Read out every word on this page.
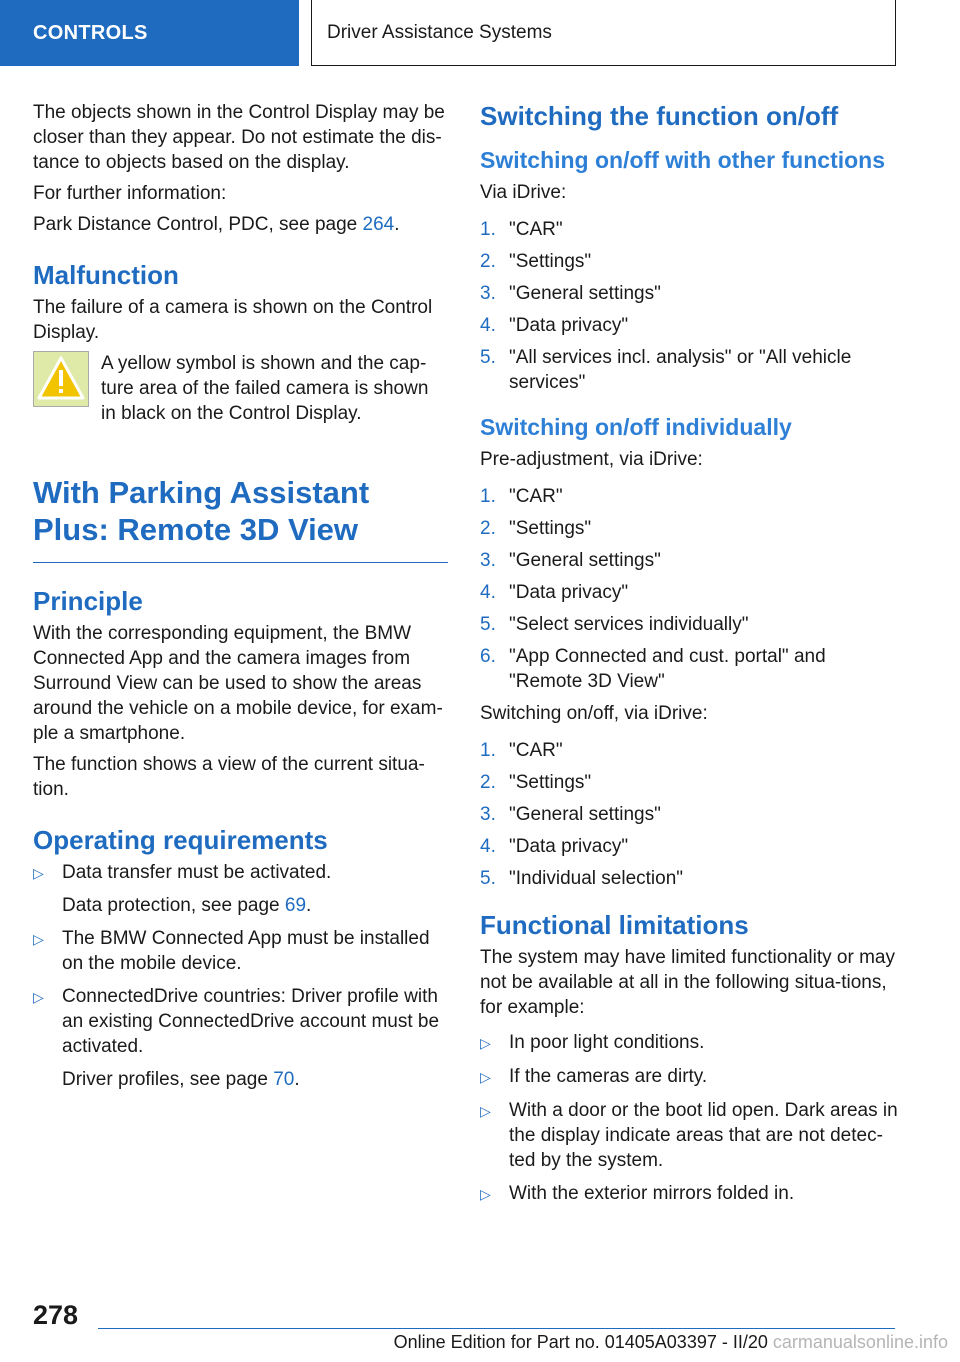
CONTROLS	Driver Assistance Systems

The objects shown in the Control Display may be closer than they appear. Do not estimate the dis-tance to objects based on the display.

For further information:

Park Distance Control, PDC, see page 264.

Malfunction

The failure of a camera is shown on the Control Display.

A yellow symbol is shown and the cap-ture area of the failed camera is shown in black on the Control Display.
With Parking Assistant Plus: Remote 3D View
Principle

With the corresponding equipment, the BMW Connected App and the camera images from Surround View can be used to show the areas around the vehicle on a mobile device, for exam-ple a smartphone.

The function shows a view of the current situa-tion.

Operating requirements
▷ Data transfer must be activated.
Data protection, see page 69.
▷ The BMW Connected App must be installed on the mobile device.
▷ ConnectedDrive countries: Driver profile with an existing ConnectedDrive account must be activated.
Driver profiles, see page 70.
Switching the function on/off
Switching on/off with other functions

Via iDrive:

1. "CAR"
2. "Settings"
3. "General settings"
4. "Data privacy"
5. "All services incl. analysis" or "All vehicle services"
Switching on/off individually

Pre-adjustment, via iDrive:

1. "CAR"
2. "Settings"
3. "General settings"
4. "Data privacy"
5. "Select services individually"
6. "App Connected and cust. portal" and "Remote 3D View"

Switching on/off, via iDrive:

1. "CAR"
2. "Settings"
3. "General settings"
4. "Data privacy"
5. "Individual selection"
Functional limitations

The system may have limited functionality or may not be available at all in the following situa-tions, for example:

▷ In poor light conditions.
▷ If the cameras are dirty.
▷ With a door or the boot lid open. Dark areas in the display indicate areas that are not detec-ted by the system.
▷ With the exterior mirrors folded in.
278
Online Edition for Part no. 01405A03397 - II/20 carmanualsonline.info
